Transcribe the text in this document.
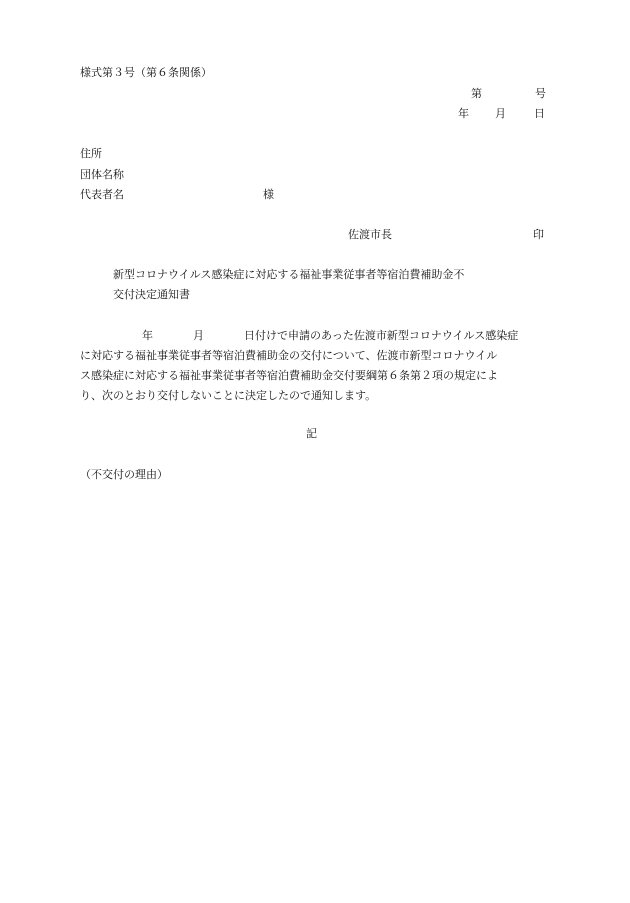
様式第３号（第６条関係）
第	号
年 月	日
住所
団体名称
代表者名	様
佐渡市長	印
新型コロナウイルス感染症に対応する福祉事業従事者等宿泊費補助金不
交付決定通知書
年	月	日付けで申請のあった佐渡市新型コロナウイルス感染症
に対応する福祉事業従事者等宿泊費補助金の交付について、佐渡市新型コロナウイル
ス感染症に対応する福祉事業従事者等宿泊費補助金交付要綱第６条第２項の規定によ
り、次のとおり交付しないことに決定したので通知します。
記
（不交付の理由）
